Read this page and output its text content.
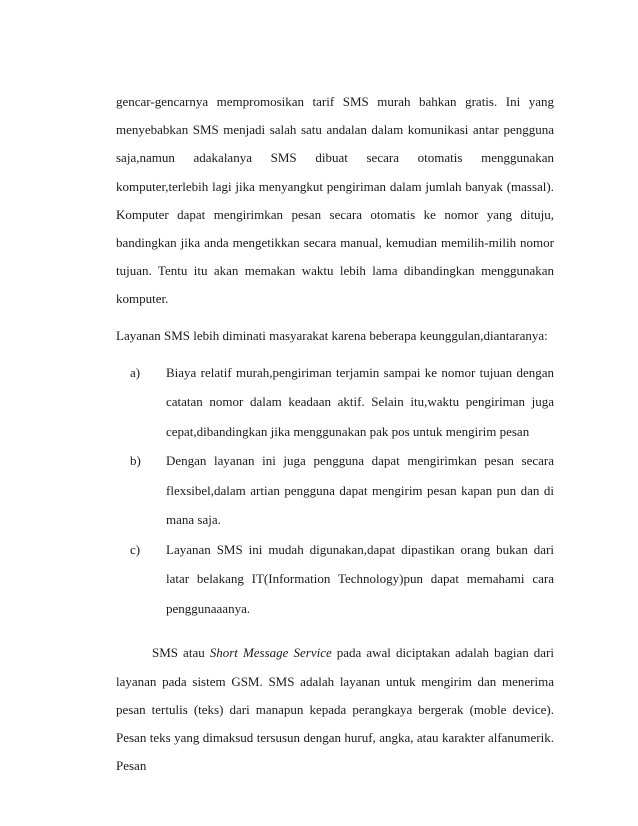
gencar-gencarnya mempromosikan tarif SMS murah bahkan gratis. Ini yang menyebabkan SMS menjadi salah satu andalan dalam komunikasi antar pengguna saja,namun adakalanya SMS dibuat secara otomatis menggunakan komputer,terlebih lagi jika menyangkut pengiriman dalam jumlah banyak (massal). Komputer dapat mengirimkan pesan secara otomatis ke nomor yang dituju, bandingkan jika anda mengetikkan secara manual, kemudian memilih-milih nomor tujuan. Tentu itu akan memakan waktu lebih lama dibandingkan menggunakan komputer.

Layanan SMS lebih diminati masyarakat karena beberapa keunggulan,diantaranya:

a) Biaya relatif murah,pengiriman terjamin sampai ke nomor tujuan dengan catatan nomor dalam keadaan aktif. Selain itu,waktu pengiriman juga cepat,dibandingkan jika menggunakan pak pos untuk mengirim pesan
b) Dengan layanan ini juga pengguna dapat mengirimkan pesan secara flexsibel,dalam artian pengguna dapat mengirim pesan kapan pun dan di mana saja.
c) Layanan SMS ini mudah digunakan,dapat dipastikan orang bukan dari latar belakang IT(Information Technology)pun dapat memahami cara penggunaaanya.

SMS atau Short Message Service pada awal diciptakan adalah bagian dari layanan pada sistem GSM. SMS adalah layanan untuk mengirim dan menerima pesan tertulis (teks) dari manapun kepada perangkaya bergerak (moble device). Pesan teks yang dimaksud tersusun dengan huruf, angka, atau karakter alfanumerik. Pesan
